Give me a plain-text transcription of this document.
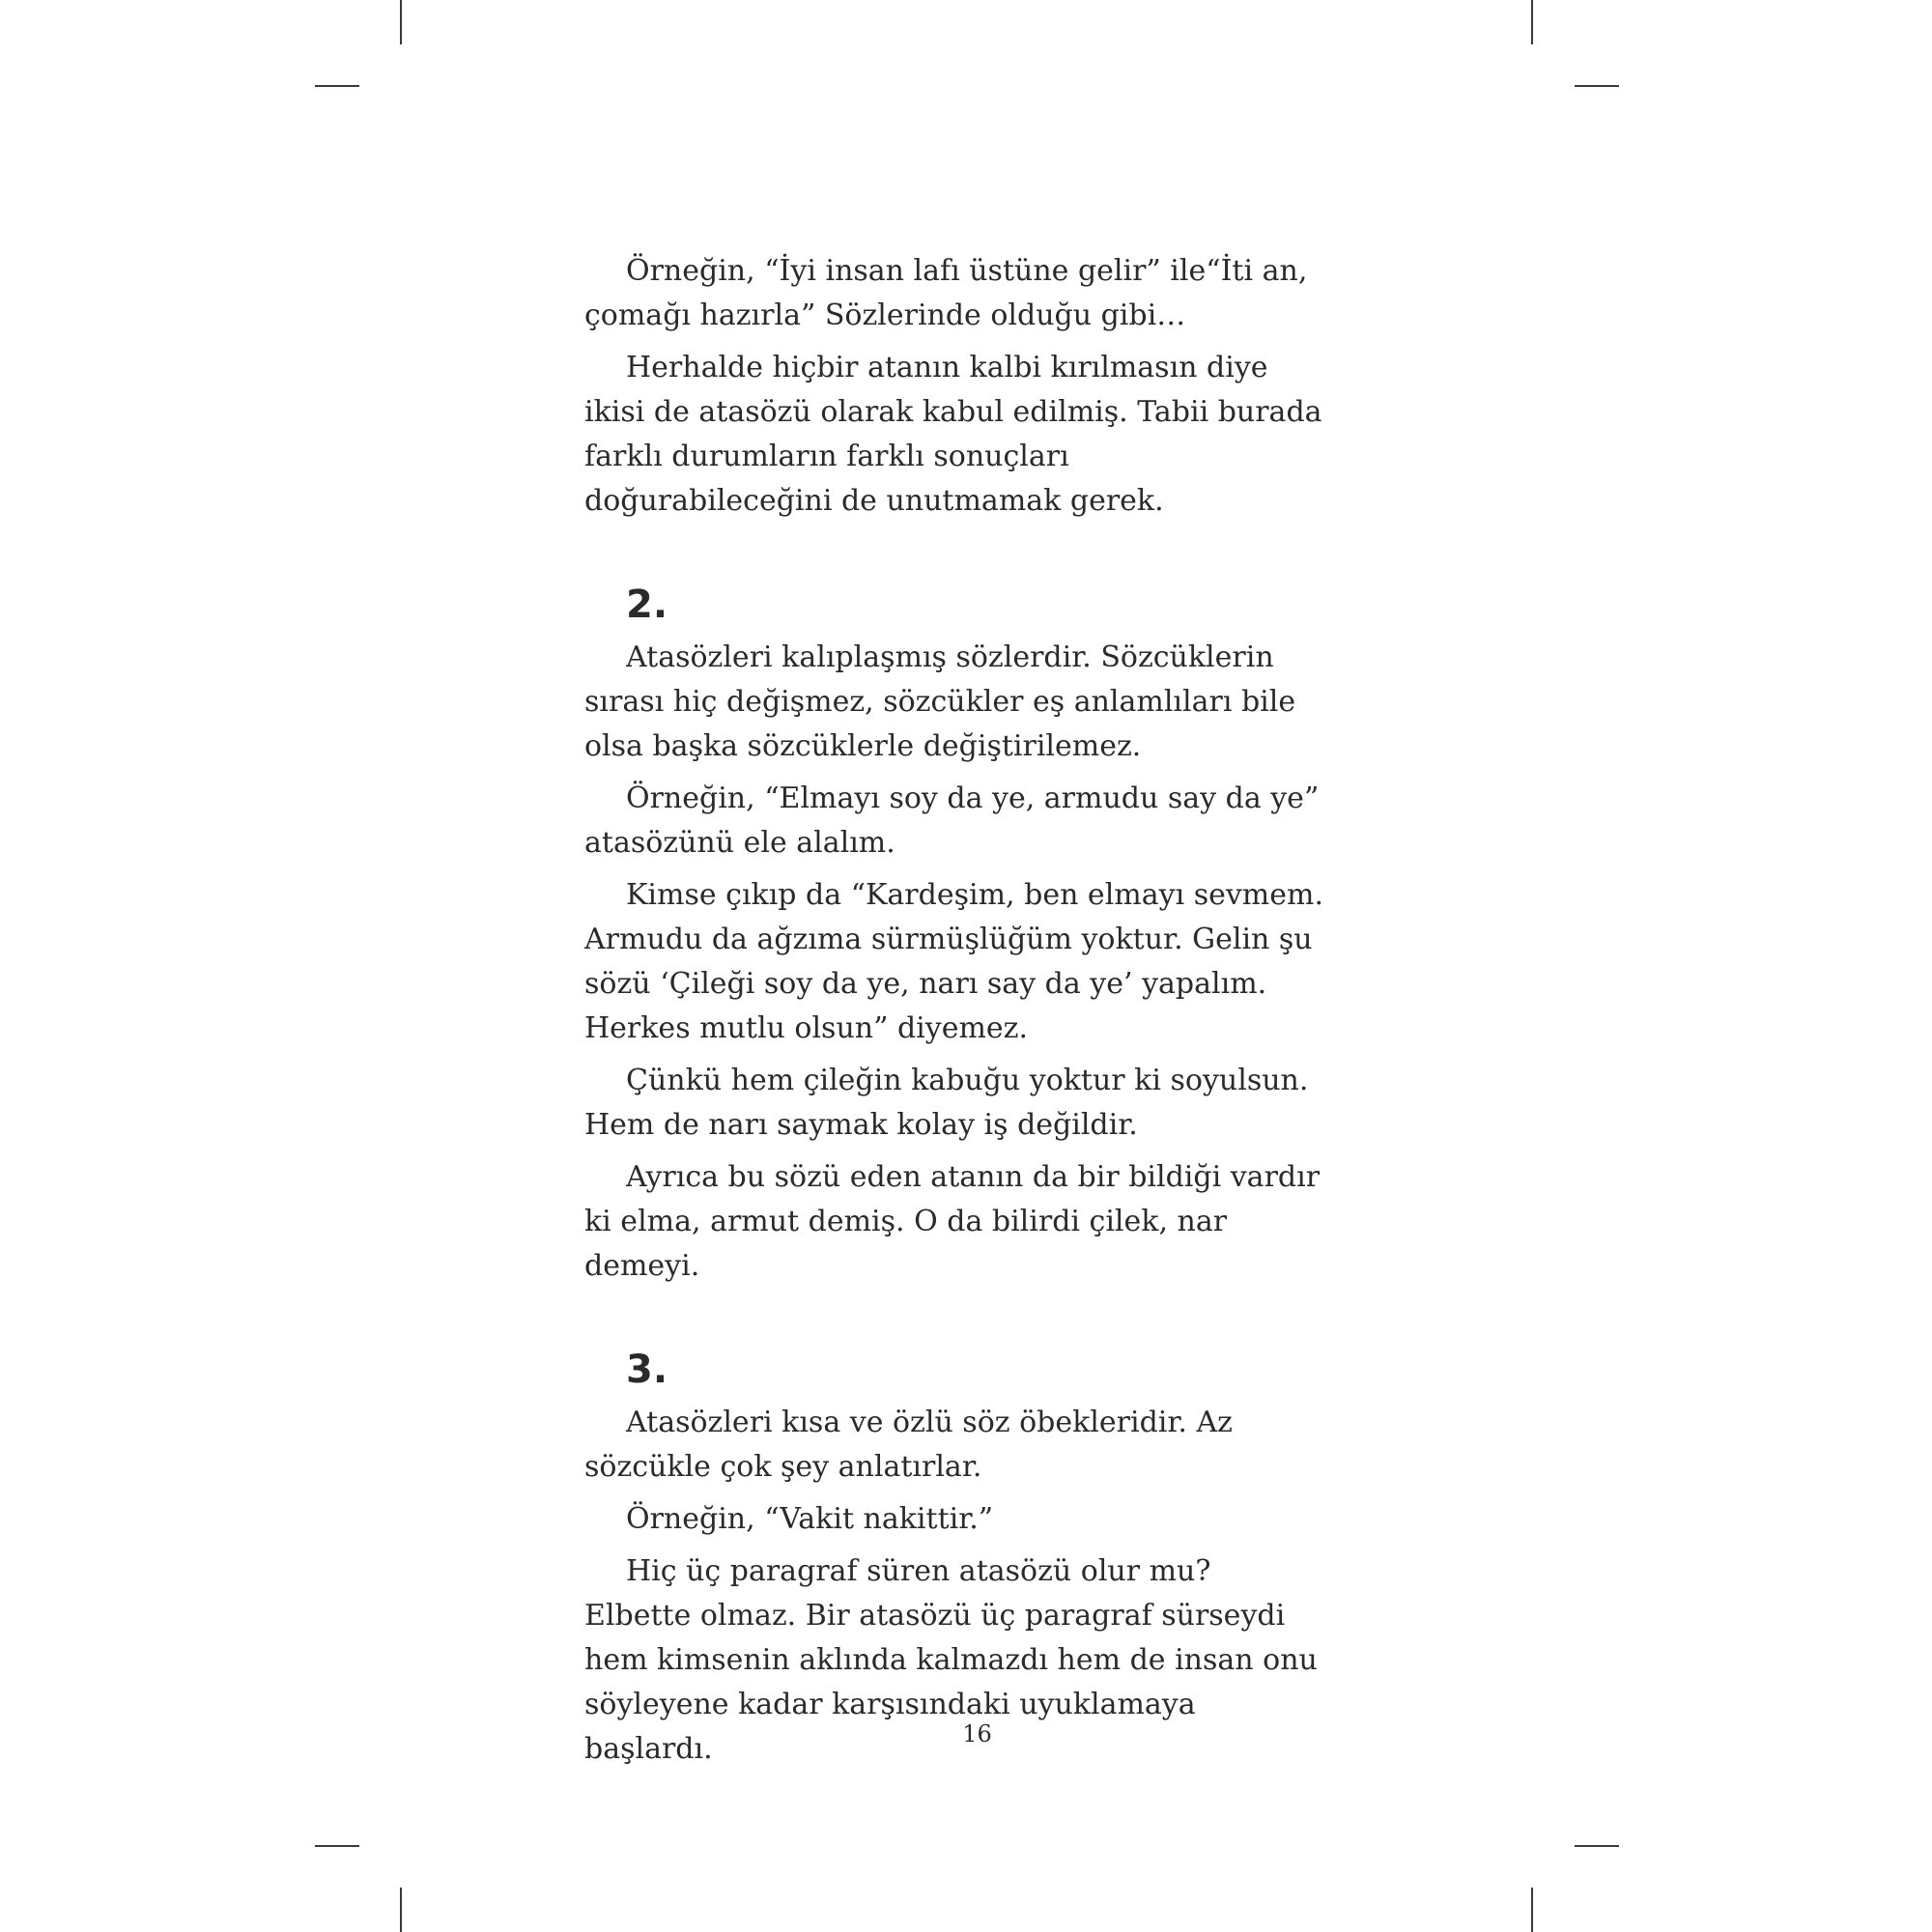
Örneğin, “İyi insan lafı üstüne gelir” ile“İti an, çomağı hazırla” Sözlerinde olduğu gibi…

Herhalde hiçbir atanın kalbi kırılmasın diye ikisi de atasözü olarak kabul edilmiş. Tabii burada farklı durumların farklı sonuçları doğurabileceğini de unutmamak gerek.

2.

Atasözleri kalıplaşmış sözlerdir. Sözcüklerin sırası hiç değişmez, sözcükler eş anlamlıları bile olsa başka sözcüklerle değiştirilemez.

Örneğin, “Elmayı soy da ye, armudu say da ye” atasözünü ele alalım.

Kimse çıkıp da “Kardeşim, ben elmayı sevmem. Armudu da ağzıma sürmüşlüğüm yoktur. Gelin şu sözü ‘Çileği soy da ye, narı say da ye’ yapalım. Herkes mutlu olsun” diyemez.

Çünkü hem çileğin kabuğu yoktur ki soyulsun. Hem de narı saymak kolay iş değildir.

Ayrıca bu sözü eden atanın da bir bildiği vardır ki elma, armut demiş. O da bilirdi çilek, nar demeyi.

3.

Atasözleri kısa ve özlü söz öbekleridir. Az sözcükle çok şey anlatırlar.

Örneğin, “Vakit nakittir.”

Hiç üç paragraf süren atasözü olur mu? Elbette olmaz. Bir atasözü üç paragraf sürseydi hem kimsenin aklında kalmazdı hem de insan onu söyleyene kadar karşısındaki uyuklamaya başlardı.	16
